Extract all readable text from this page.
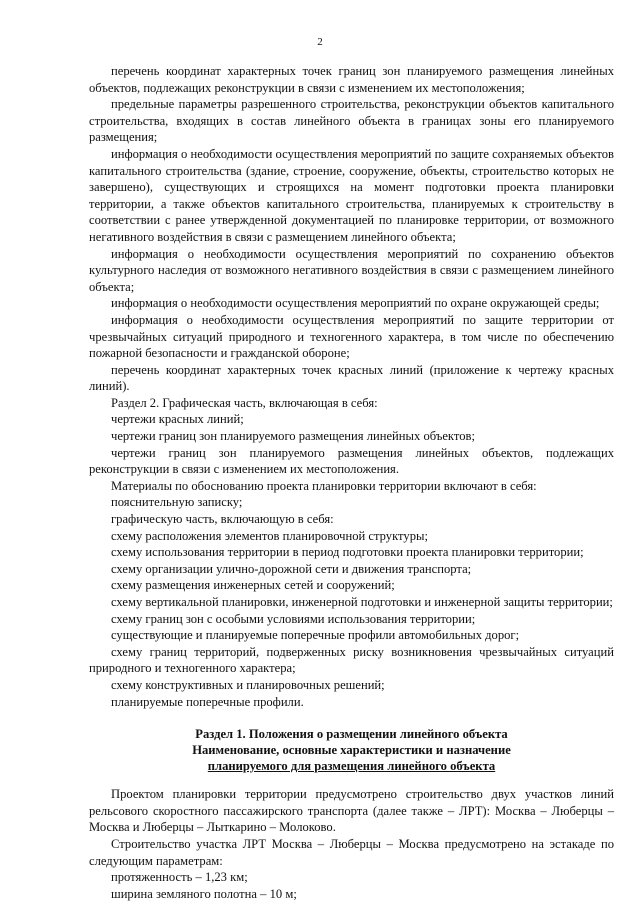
2

перечень координат характерных точек границ зон планируемого размещения линейных объектов, подлежащих реконструкции в связи с изменением их местоположения;

предельные параметры разрешенного строительства, реконструкции объектов капитального строительства, входящих в состав линейного объекта в границах зоны его планируемого размещения;

информация о необходимости осуществления мероприятий по защите сохраняемых объектов капитального строительства (здание, строение, сооружение, объекты, строительство которых не завершено), существующих и строящихся на момент подготовки проекта планировки территории, а также объектов капитального строительства, планируемых к строительству в соответствии с ранее утвержденной документацией по планировке территории, от возможного негативного воздействия в связи с размещением линейного объекта;

информация о необходимости осуществления мероприятий по сохранению объектов культурного наследия от возможного негативного воздействия в связи с размещением линейного объекта;

информация о необходимости осуществления мероприятий по охране окружающей среды;

информация о необходимости осуществления мероприятий по защите территории от чрезвычайных ситуаций природного и техногенного характера, в том числе по обеспечению пожарной безопасности и гражданской обороне;

перечень координат характерных точек красных линий (приложение к чертежу красных линий).

Раздел 2. Графическая часть, включающая в себя:

чертежи красных линий;

чертежи границ зон планируемого размещения линейных объектов;

чертежи границ зон планируемого размещения линейных объектов, подлежащих реконструкции в связи с изменением их местоположения.

Материалы по обоснованию проекта планировки территории включают в себя:

пояснительную записку;

графическую часть, включающую в себя:

схему расположения элементов планировочной структуры;

схему использования территории в период подготовки проекта планировки территории;

схему организации улично-дорожной сети и движения транспорта;

схему размещения инженерных сетей и сооружений;

схему вертикальной планировки, инженерной подготовки и инженерной защиты территории;

схему границ зон с особыми условиями использования территории;

существующие и планируемые поперечные профили автомобильных дорог;

схему границ территорий, подверженных риску возникновения чрезвычайных ситуаций природного и техногенного характера;

схему конструктивных и планировочных решений;

планируемые поперечные профили.

Раздел 1. Положения о размещении линейного объекта
Наименование, основные характеристики и назначение
планируемого для размещения линейного объекта

Проектом планировки территории предусмотрено строительство двух участков линий рельсового скоростного пассажирского транспорта (далее также – ЛРТ): Москва – Люберцы – Москва и Люберцы – Лыткарино – Молоково.

Строительство участка ЛРТ Москва – Люберцы – Москва предусмотрено на эстакаде по следующим параметрам:

протяженность – 1,23 км;

ширина земляного полотна – 10 м;
